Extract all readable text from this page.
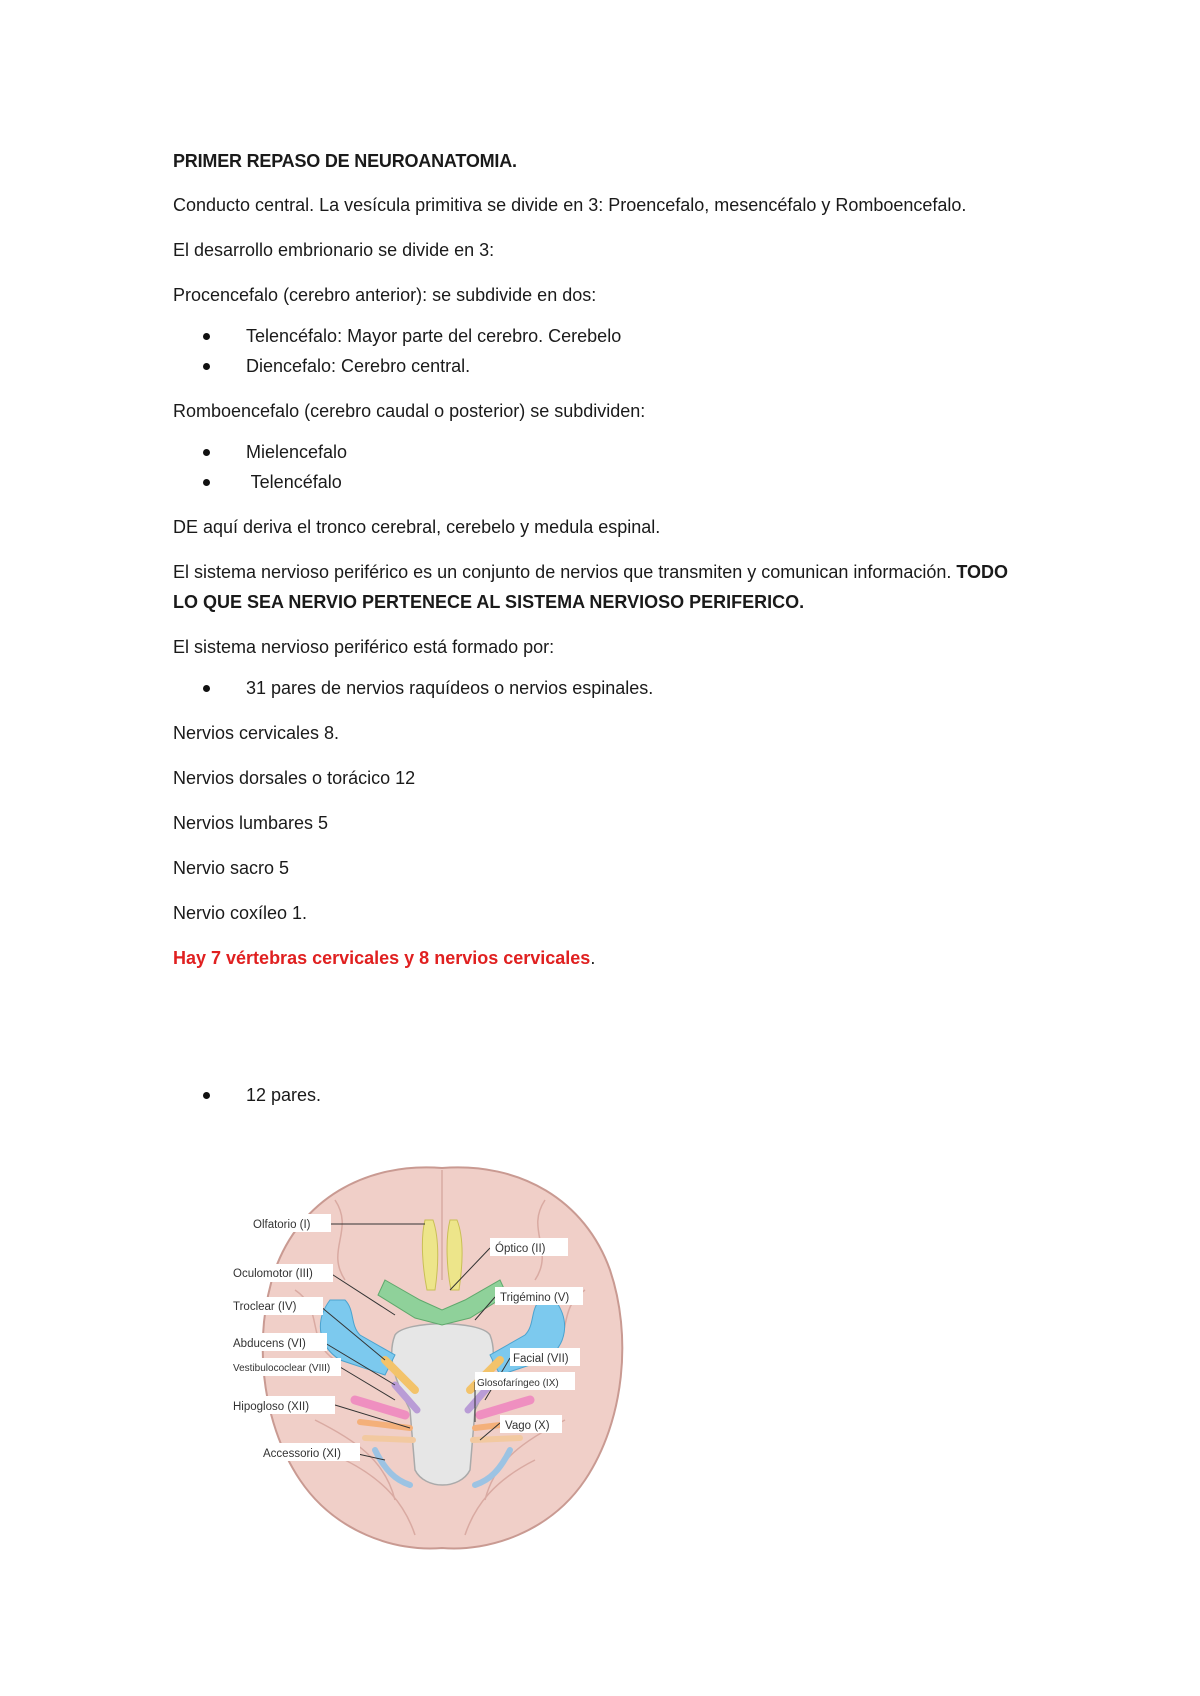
PRIMER REPASO DE NEUROANATOMIA.

Conducto central. La vesícula primitiva se divide en 3: Proencefalo, mesencéfalo y Romboencefalo.

El desarrollo embrionario se divide en 3:

Procencefalo (cerebro anterior): se subdivide en dos:

Telencéfalo: Mayor parte del cerebro. Cerebelo
Diencefalo: Cerebro central.

Romboencefalo (cerebro caudal o posterior) se subdividen:

Mielencefalo
Telencéfalo

DE aquí deriva el tronco cerebral, cerebelo y medula espinal.

El sistema nervioso periférico es un conjunto de nervios que transmiten y comunican información. TODO LO QUE SEA NERVIO PERTENECE AL SISTEMA NERVIOSO PERIFERICO.

El sistema nervioso periférico está formado por:

31 pares de nervios raquídeos o nervios espinales.

Nervios cervicales 8.

Nervios dorsales o torácico 12

Nervios lumbares 5

Nervio sacro 5

Nervio coxíleo 1.

Hay 7 vértebras cervicales y 8 nervios cervicales.

12 pares.
Olfatorio (I)
Óptico (II)
Oculomotor (III)
Troclear (IV)
Trigémino (V)
Abducens (VI)
Facial (VII)
Vestibulococlear (VIII)
Glosofaríngeo (IX)
Hipogloso (XII)
Vago (X)
Accessorio (XI)
